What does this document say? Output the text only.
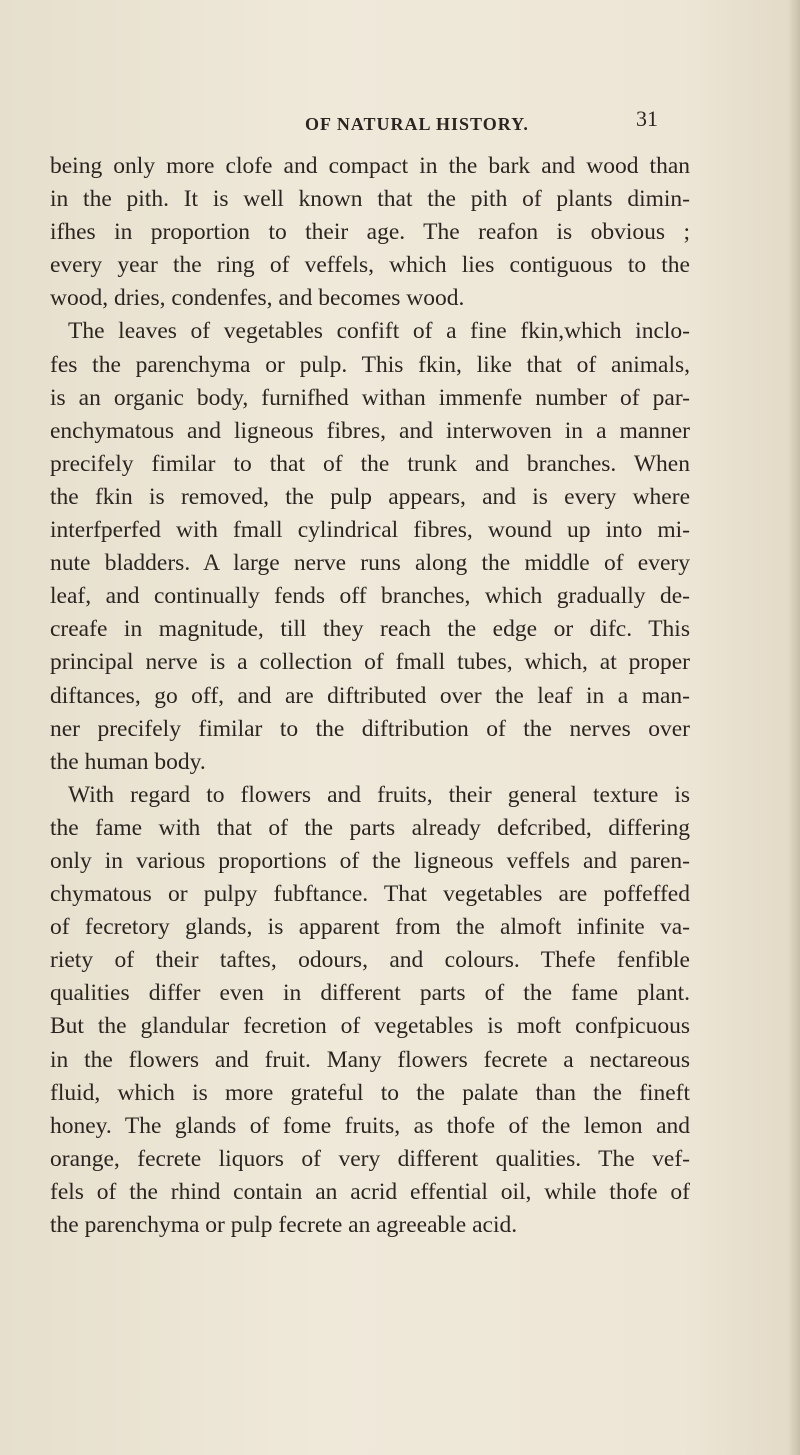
OF NATURAL HISTORY.	31
being only more clofe and compact in the bark and wood than
in the pith. It is well known that the pith of plants dimin-
ifhes in proportion to their age. The reafon is obvious ;
every year the ring of veffels, which lies contiguous to the
wood, dries, condenfes, and becomes wood.
The leaves of vegetables confift of a fine fkin,which inclo-
fes the parenchyma or pulp. This fkin, like that of animals,
is an organic body, furnifhed withan immenfe number of par-
enchymatous and ligneous fibres, and interwoven in a manner
precifely fimilar to that of the trunk and branches. When
the fkin is removed, the pulp appears, and is every where
interfperfed with fmall cylindrical fibres, wound up into mi-
nute bladders. A large nerve runs along the middle of every
leaf, and continually fends off branches, which gradually de-
creafe in magnitude, till they reach the edge or difc. This
principal nerve is a collection of fmall tubes, which, at proper
diftances, go off, and are diftributed over the leaf in a man-
ner precifely fimilar to the diftribution of the nerves over
the human body.
With regard to flowers and fruits, their general texture is
the fame with that of the parts already defcribed, differing
only in various proportions of the ligneous veffels and paren-
chymatous or pulpy fubftance. That vegetables are poffeffed
of fecretory glands, is apparent from the almoft infinite va-
riety of their taftes, odours, and colours. Thefe fenfible
qualities differ even in different parts of the fame plant.
But the glandular fecretion of vegetables is moft confpicuous
in the flowers and fruit. Many flowers fecrete a nectareous
fluid, which is more grateful to the palate than the fineft
honey. The glands of fome fruits, as thofe of the lemon and
orange, fecrete liquors of very different qualities. The vef-
fels of the rhind contain an acrid effential oil, while thofe of
the parenchyma or pulp fecrete an agreeable acid.
